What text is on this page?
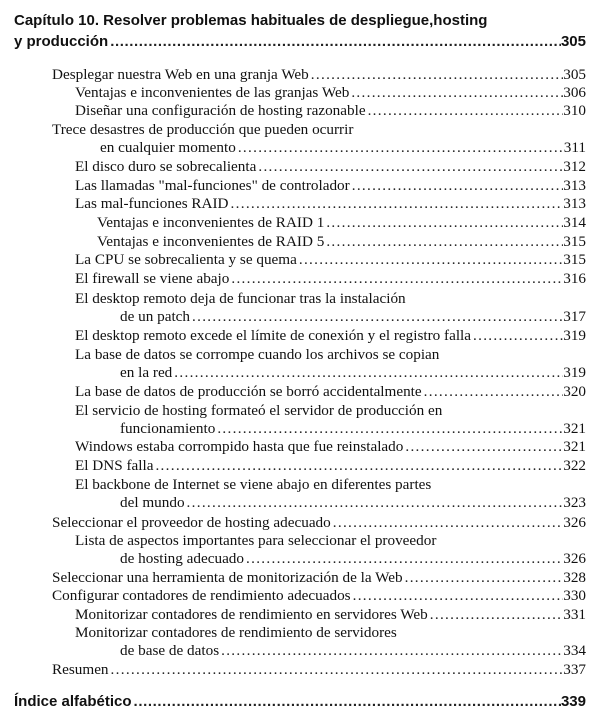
Capítulo 10. Resolver problemas habituales de despliegue,hosting
y producción .....	305
Desplegar nuestra Web en una granja Web .....	305
Ventajas e inconvenientes de las granjas Web .....	306
Diseñar una configuración de hosting razonable .....	310
Trece desastres de producción que pueden ocurrir
en cualquier momento .....	311
El disco duro se sobrecalienta .....	312
Las llamadas "mal-funciones" de controlador .....	313
Las mal-funciones RAID .....	313
Ventajas e inconvenientes de RAID 1 .....	314
Ventajas e inconvenientes de RAID 5 .....	315
La CPU se sobrecalienta y se quema .....	315
El firewall se viene abajo .....	316
El desktop remoto deja de funcionar tras la instalación
de un patch .....	317
El desktop remoto excede el límite de conexión y el registro falla .....	319
La base de datos se corrompe cuando los archivos se copian
en la red .....	319
La base de datos de producción se borró accidentalmente .....	320
El servicio de hosting formateó el servidor de producción en
funcionamiento .....	321
Windows estaba corrompido hasta que fue reinstalado .....	321
El DNS falla .....	322
El backbone de Internet se viene abajo en diferentes partes
del mundo .....	323
Seleccionar el proveedor de hosting adecuado .....	326
Lista de aspectos importantes para seleccionar el proveedor
de hosting adecuado .....	326
Seleccionar una herramienta de monitorización de la Web .....	328
Configurar contadores de rendimiento adecuados .....	330
Monitorizar contadores de rendimiento en servidores Web .....	331
Monitorizar contadores de rendimiento de servidores
de base de datos .....	334
Resumen .....	337
Índice alfabético .....	339
